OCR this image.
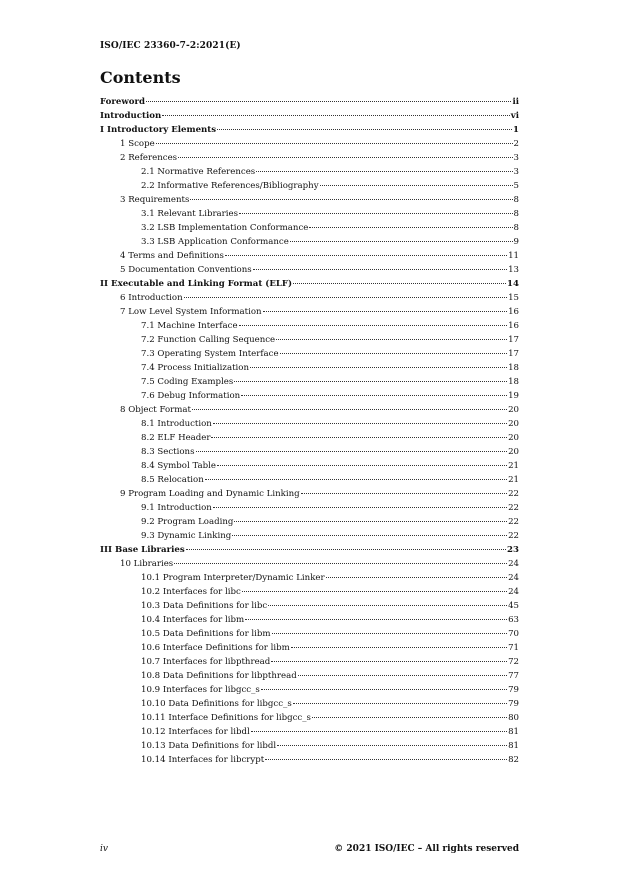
ISO/IEC 23360-7-2:2021(E)
Contents
Foreword	ii
Introduction	vi
I Introductory Elements	1
1 Scope	2
2 References	3
2.1 Normative References	3
2.2 Informative References/Bibliography	5
3 Requirements	8
3.1 Relevant Libraries	8
3.2 LSB Implementation Conformance	8
3.3 LSB Application Conformance	9
4 Terms and Definitions	11
5 Documentation Conventions	13
II Executable and Linking Format (ELF)	14
6 Introduction	15
7 Low Level System Information	16
7.1 Machine Interface	16
7.2 Function Calling Sequence	17
7.3 Operating System Interface	17
7.4 Process Initialization	18
7.5 Coding Examples	18
7.6 Debug Information	19
8 Object Format	20
8.1 Introduction	20
8.2 ELF Header	20
8.3 Sections	20
8.4 Symbol Table	21
8.5 Relocation	21
9 Program Loading and Dynamic Linking	22
9.1 Introduction	22
9.2 Program Loading	22
9.3 Dynamic Linking	22
III Base Libraries	23
10 Libraries	24
10.1 Program Interpreter/Dynamic Linker	24
10.2 Interfaces for libc	24
10.3 Data Definitions for libc	45
10.4 Interfaces for libm	63
10.5 Data Definitions for libm	70
10.6 Interface Definitions for libm	71
10.7 Interfaces for libpthread	72
10.8 Data Definitions for libpthread	77
10.9 Interfaces for libgcc_s	79
10.10 Data Definitions for libgcc_s	79
10.11 Interface Definitions for libgcc_s	80
10.12 Interfaces for libdl	81
10.13 Data Definitions for libdl	81
10.14 Interfaces for libcrypt	82
iv	© 2021 ISO/IEC – All rights reserved
